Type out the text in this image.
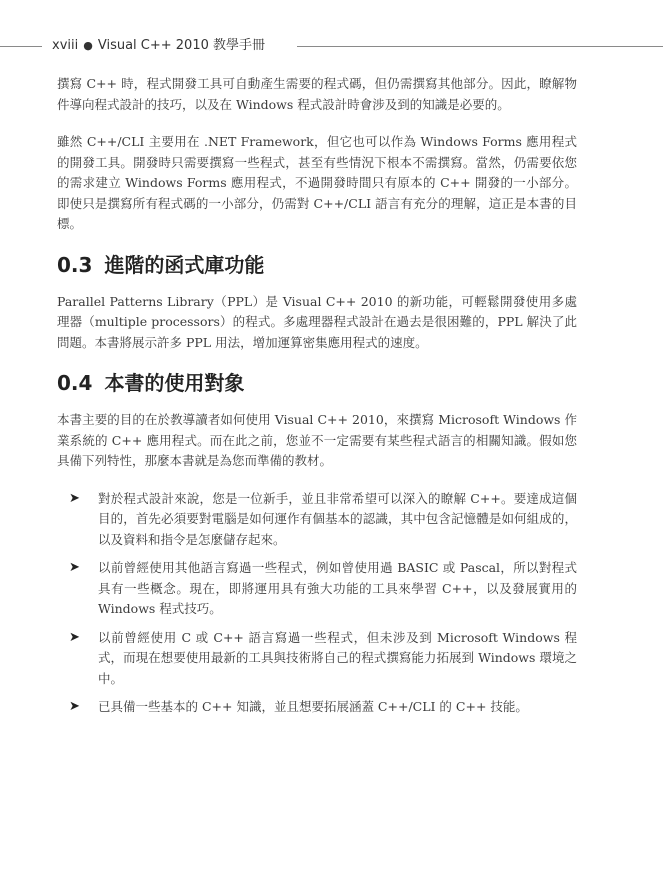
xviii ● Visual C++ 2010 教學手冊

撰寫 C++ 時，程式開發工具可自動產生需要的程式碼，但仍需撰寫其他部分。因此，瞭解物件導向程式設計的技巧，以及在 Windows 程式設計時會涉及到的知識是必要的。

雖然 C++/CLI 主要用在 .NET Framework，但它也可以作為 Windows Forms 應用程式的開發工具。開發時只需要撰寫一些程式，甚至有些情況下根本不需撰寫。當然，仍需要依您的需求建立 Windows Forms 應用程式，不過開發時間只有原本的 C++ 開發的一小部分。即使只是撰寫所有程式碼的一小部分，仍需對 C++/CLI 語言有充分的理解，這正是本書的目標。

0.3 進階的函式庫功能

Parallel Patterns Library（PPL）是 Visual C++ 2010 的新功能，可輕鬆開發使用多處理器（multiple processors）的程式。多處理器程式設計在過去是很困難的，PPL 解決了此問題。本書將展示許多 PPL 用法，增加運算密集應用程式的速度。

0.4 本書的使用對象

本書主要的目的在於教導讀者如何使用 Visual C++ 2010，來撰寫 Microsoft Windows 作業系統的 C++ 應用程式。而在此之前，您並不一定需要有某些程式語言的相關知識。假如您具備下列特性，那麼本書就是為您而準備的教材。

➤ 對於程式設計來說，您是一位新手，並且非常希望可以深入的瞭解 C++。要達成這個目的，首先必須要對電腦是如何運作有個基本的認識，其中包含記憶體是如何組成的，以及資料和指令是怎麼儲存起來。
➤ 以前曾經使用其他語言寫過一些程式，例如曾使用過 BASIC 或 Pascal，所以對程式具有一些概念。現在，即將運用具有強大功能的工具來學習 C++，以及發展實用的 Windows 程式技巧。
➤ 以前曾經使用 C 或 C++ 語言寫過一些程式，但未涉及到 Microsoft Windows 程式，而現在想要使用最新的工具與技術將自己的程式撰寫能力拓展到 Windows 環境之中。
➤ 已具備一些基本的 C++ 知識，並且想要拓展涵蓋 C++/CLI 的 C++ 技能。
